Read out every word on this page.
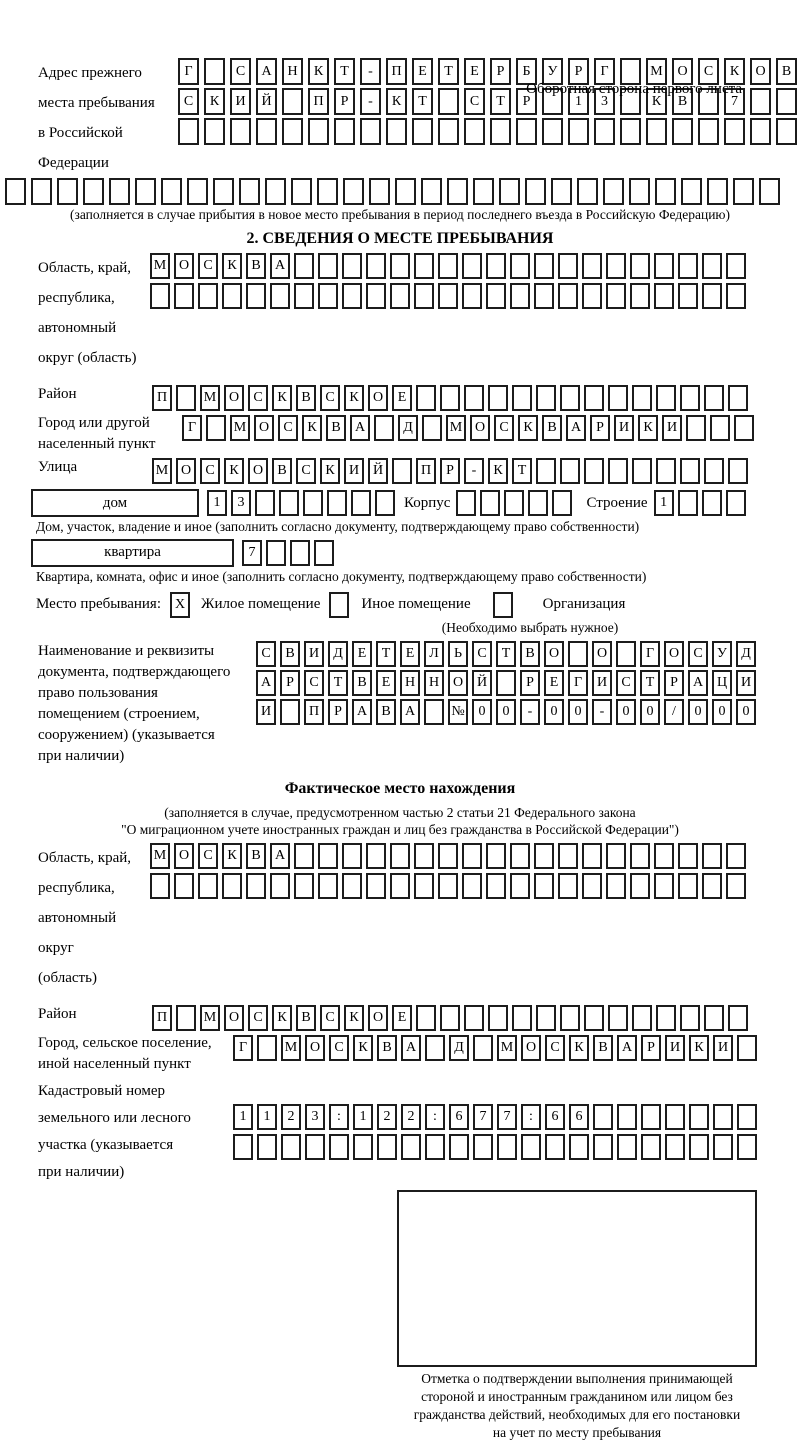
Оборотная сторона первого листа
Адрес прежнего
места пребывания
в Российской
Федерации
Г	С	А	Н	К	Т	-	П	Е	Т	Е	Р	Б	У	Р	Г	М	О	С	К	О	В
С	К	И	Й	П	Р	-	К	Т	С	Т	Р	1	3	К	В	7
(заполняется в случае прибытия в новое место пребывания в период последнего въезда в Российскую Федерацию)
2. СВЕДЕНИЯ О МЕСТЕ ПРЕБЫВАНИЯ
Область, край,
республика,
автономный
округ (область)
М О	С	К	В	А
Район	П	М О	С	К	В	С	К	О	Е
Город или другой
населенный пункт
Г	М О	С	К	В	А	Д	М О	С	К	В	А	Р	И	К	И
Улица	М О	С	К	О	В	С	К	И Й	П	Р	-	К	Т
дом	1	3	Корпус	Строение 1
Дом, участок, владение и иное (заполнить согласно документу, подтверждающему право собственности)
квартира	7
Квартира, комната, офис и иное (заполнить согласно документу, подтверждающему право собственности)
Место пребывания: X	Жилое помещение	Иное помещение	Организация
(Необходимо выбрать нужное)
Наименование и реквизиты
документа, подтверждающего
право пользования
помещением (строением,
сооружением) (указывается
при наличии)
С	В	И	Д	Е	Т	Е	Л	Ь	С	Т	В	О	О	Г	О	С	У	Д
А	Р	С	Т	В	Е	Н Н О Й	Р	Е	Г	И	С	Т	Р	А Ц И
И	П	Р	А	В	А	№ 0	0	-	0	0	-	0	0	/	0	0	0
Фактическое место нахождения
(заполняется в случае, предусмотренном частью 2 статьи 21 Федерального закона
"О миграционном учете иностранных граждан и лиц без гражданства в Российской Федерации")
Область, край,
республика,
автономный округ
(область)
М О	С	К	В	А
Район	П	М О	С	К	В	С	К	О	Е
Город, сельское поселение,
иной населенный пункт
Г	М О	С	К	В	А	Д	М О	С	К	В	А	Р	И	К	И
Кадастровый номер
земельного или лесного
участка (указывается
при наличии)
1	1	2	3	:	1	2	2	:	6	7	7	:	6	6
Отметка о подтверждении выполнения принимающей
стороной и иностранным гражданином или лицом без
гражданства действий, необходимых для его постановки
на учет по месту пребывания
